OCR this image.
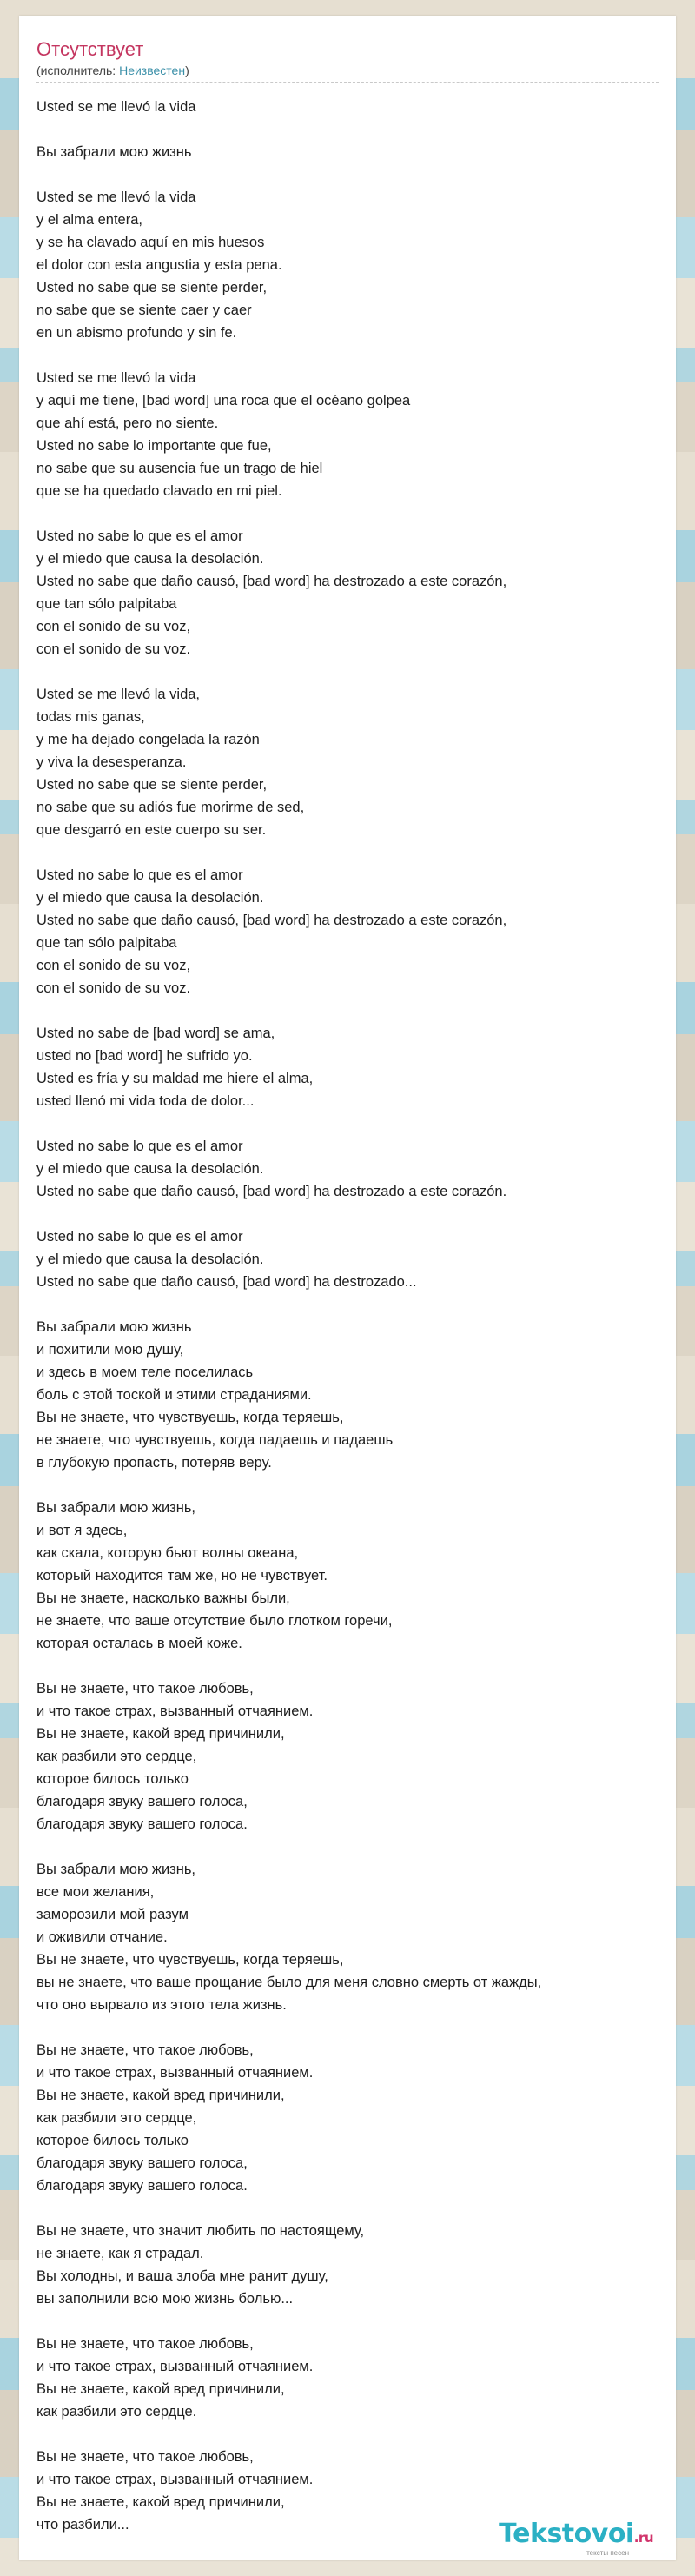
Отсутствует
(исполнитель: Неизвестен)
Usted se me llevó la vida
Вы забрали мою жизнь
Usted se me llevó la vida
y el alma entera,
y se ha clavado aquí en mis huesos
el dolor con esta angustia y esta pena.
Usted no sabe que se siente perder,
no sabe que se siente caer y caer
en un abismo profundo y sin fe.
Usted se me llevó la vida
y aquí me tiene, [bad word] una roca que el océano golpea
que ahí está, pero no siente.
Usted no sabe lo importante que fue,
no sabe que su ausencia fue un trago de hiel
que se ha quedado clavado en mi piel.
Usted no sabe lo que es el amor
y el miedo que causa la desolación.
Usted no sabe que daño causó, [bad word] ha destrozado a este corazón,
que tan sólo palpitaba
con el sonido de su voz,
con el sonido de su voz.
Usted se me llevó la vida,
todas mis ganas,
y me ha dejado congelada la razón
y viva la desesperanza.
Usted no sabe que se siente perder,
no sabe que su adiós fue morirme de sed,
que desgarró en este cuerpo su ser.
Usted no sabe lo que es el amor
y el miedo que causa la desolación.
Usted no sabe que daño causó, [bad word] ha destrozado a este corazón,
que tan sólo palpitaba
con el sonido de su voz,
con el sonido de su voz.
Usted no sabe de [bad word] se ama,
usted no [bad word] he sufrido yo.
Usted es fría y su maldad me hiere el alma,
usted llenó mi vida toda de dolor...
Usted no sabe lo que es el amor
y el miedo que causa la desolación.
Usted no sabe que daño causó, [bad word] ha destrozado a este corazón.
Usted no sabe lo que es el amor
y el miedo que causa la desolación.
Usted no sabe que daño causó, [bad word] ha destrozado...
Вы забрали мою жизнь
и похитили мою душу,
и здесь в моем теле поселилась
боль с этой тоской и этими страданиями.
Вы не знаете, что чувствуешь, когда теряешь,
не знаете, что чувствуешь, когда падаешь и падаешь
в глубокую пропасть, потеряв веру.
Вы забрали мою жизнь,
и вот я здесь,
как скала, которую бьют волны океана,
который находится там же, но не чувствует.
Вы не знаете, насколько важны были,
не знаете, что ваше отсутствие было глотком горечи,
которая осталась в моей коже.
Вы не знаете, что такое любовь,
и что такое страх, вызванный отчаянием.
Вы не знаете, какой вред причинили,
как разбили это сердце,
которое билось только
благодаря звуку вашего голоса,
благодаря звуку вашего голоса.
Вы забрали мою жизнь,
все мои желания,
заморозили мой разум
и оживили отчание.
Вы не знаете, что чувствуешь, когда теряешь,
вы не знаете, что ваше прощание было для меня словно смерть от жажды,
что оно вырвало из этого тела жизнь.
Вы не знаете, что такое любовь,
и что такое страх, вызванный отчаянием.
Вы не знаете, какой вред причинили,
как разбили это сердце,
которое билось только
благодаря звуку вашего голоса,
благодаря звуку вашего голоса.
Вы не знаете, что значит любить по настоящему,
не знаете, как я страдал.
Вы холодны, и ваша злоба мне ранит душу,
вы заполнили всю мою жизнь болью...
Вы не знаете, что такое любовь,
и что такое страх, вызванный отчаянием.
Вы не знаете, какой вред причинили,
как разбили это сердце.
Вы не знаете, что такое любовь,
и что такое страх, вызванный отчаянием.
Вы не знаете, какой вред причинили,
что разбили...	Tekstovoi.ru
тексты песен
